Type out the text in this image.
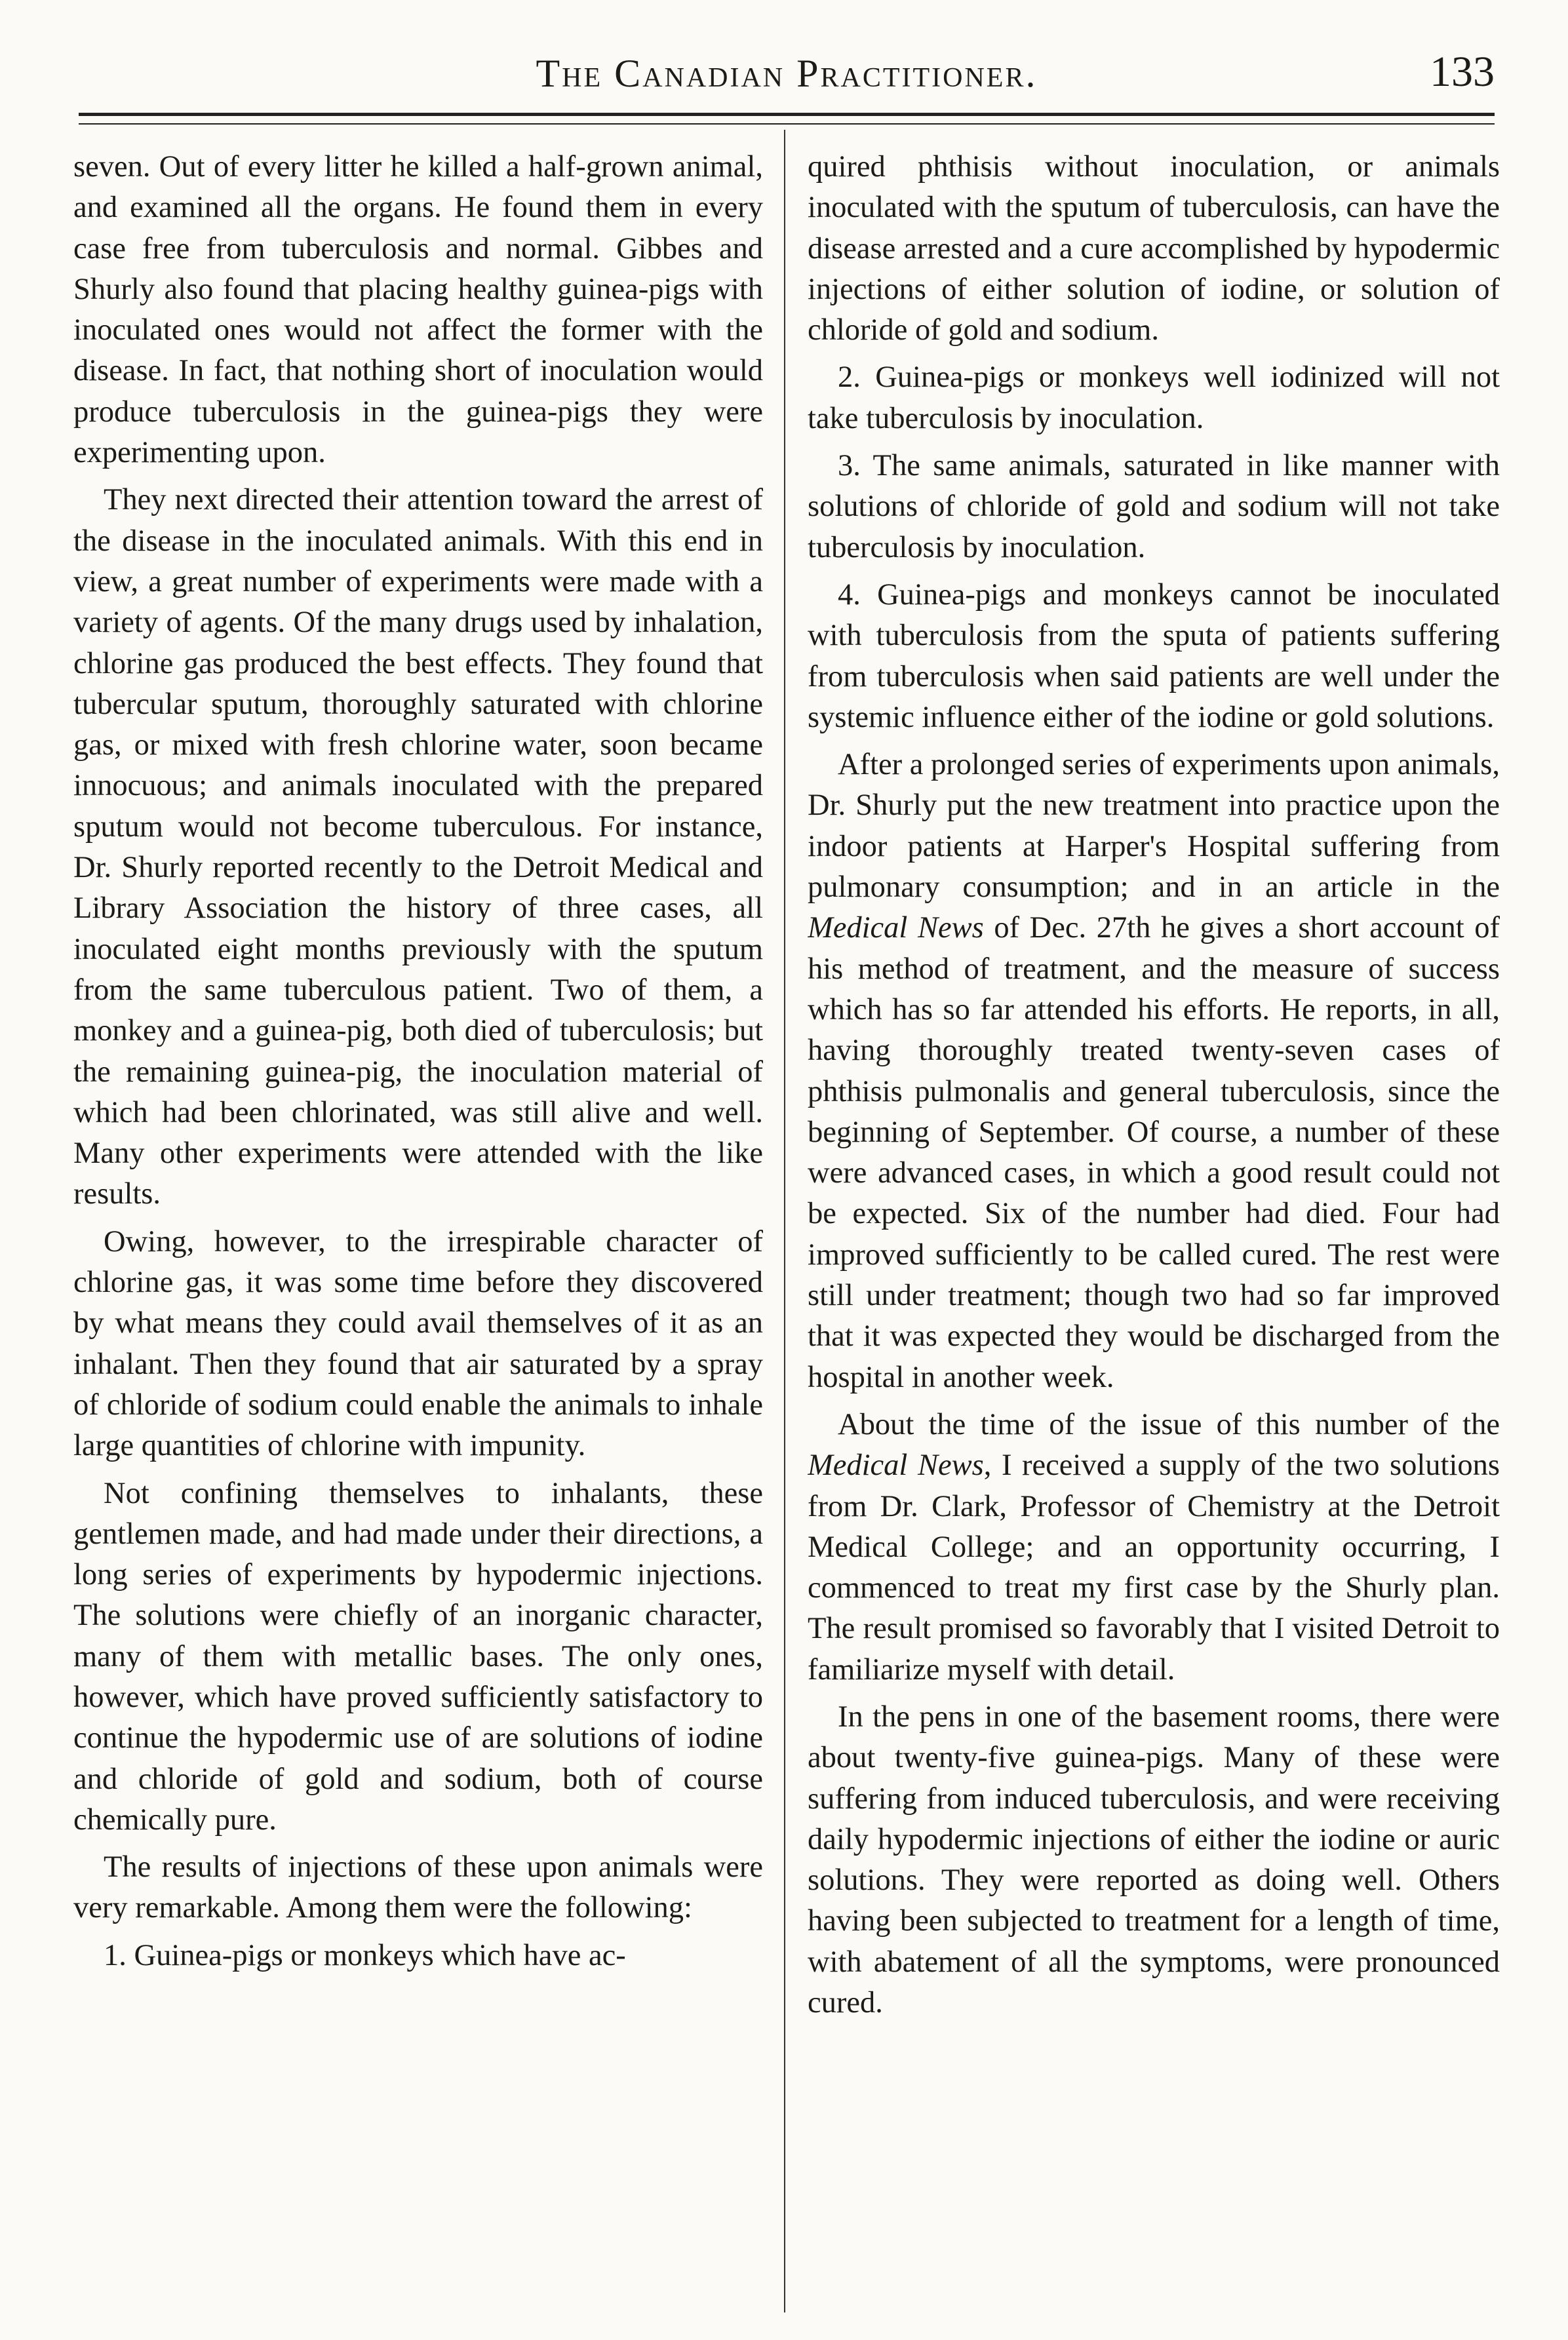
The Canadian Practitioner.	133

seven. Out of every litter he killed a half-grown animal, and examined all the organs. He found them in every case free from tuberculosis and normal. Gibbes and Shurly also found that placing healthy guinea-pigs with inoculated ones would not affect the former with the disease. In fact, that nothing short of inoculation would produce tuberculosis in the guinea-pigs they were experimenting upon.

They next directed their attention toward the arrest of the disease in the inoculated animals. With this end in view, a great number of experiments were made with a variety of agents. Of the many drugs used by inhalation, chlorine gas produced the best effects. They found that tubercular sputum, thoroughly saturated with chlorine gas, or mixed with fresh chlorine water, soon became innocuous; and animals inoculated with the prepared sputum would not become tuberculous. For instance, Dr. Shurly reported recently to the Detroit Medical and Library Association the history of three cases, all inoculated eight months previously with the sputum from the same tuberculous patient. Two of them, a monkey and a guinea-pig, both died of tuberculosis; but the remaining guinea-pig, the inoculation material of which had been chlorinated, was still alive and well. Many other experiments were attended with the like results.

Owing, however, to the irrespirable character of chlorine gas, it was some time before they discovered by what means they could avail themselves of it as an inhalant. Then they found that air saturated by a spray of chloride of sodium could enable the animals to inhale large quantities of chlorine with impunity.

Not confining themselves to inhalants, these gentlemen made, and had made under their directions, a long series of experiments by hypodermic injections. The solutions were chiefly of an inorganic character, many of them with metallic bases. The only ones, however, which have proved sufficiently satisfactory to continue the hypodermic use of are solutions of iodine and chloride of gold and sodium, both of course chemically pure.

The results of injections of these upon animals were very remarkable. Among them were the following:

1. Guinea-pigs or monkeys which have ac-

quired phthisis without inoculation, or animals inoculated with the sputum of tuberculosis, can have the disease arrested and a cure accomplished by hypodermic injections of either solution of iodine, or solution of chloride of gold and sodium.

2. Guinea-pigs or monkeys well iodinized will not take tuberculosis by inoculation.

3. The same animals, saturated in like manner with solutions of chloride of gold and sodium will not take tuberculosis by inoculation.

4. Guinea-pigs and monkeys cannot be inoculated with tuberculosis from the sputa of patients suffering from tuberculosis when said patients are well under the systemic influence either of the iodine or gold solutions.

After a prolonged series of experiments upon animals, Dr. Shurly put the new treatment into practice upon the indoor patients at Harper's Hospital suffering from pulmonary consumption; and in an article in the Medical News of Dec. 27th he gives a short account of his method of treatment, and the measure of success which has so far attended his efforts. He reports, in all, having thoroughly treated twenty-seven cases of phthisis pulmonalis and general tuberculosis, since the beginning of September. Of course, a number of these were advanced cases, in which a good result could not be expected. Six of the number had died. Four had improved sufficiently to be called cured. The rest were still under treatment; though two had so far improved that it was expected they would be discharged from the hospital in another week.

About the time of the issue of this number of the Medical News, I received a supply of the two solutions from Dr. Clark, Professor of Chemistry at the Detroit Medical College; and an opportunity occurring, I commenced to treat my first case by the Shurly plan. The result promised so favorably that I visited Detroit to familiarize myself with detail.

In the pens in one of the basement rooms, there were about twenty-five guinea-pigs. Many of these were suffering from induced tuberculosis, and were receiving daily hypodermic injections of either the iodine or auric solutions. They were reported as doing well. Others having been subjected to treatment for a length of time, with abatement of all the symptoms, were pronounced cured.
